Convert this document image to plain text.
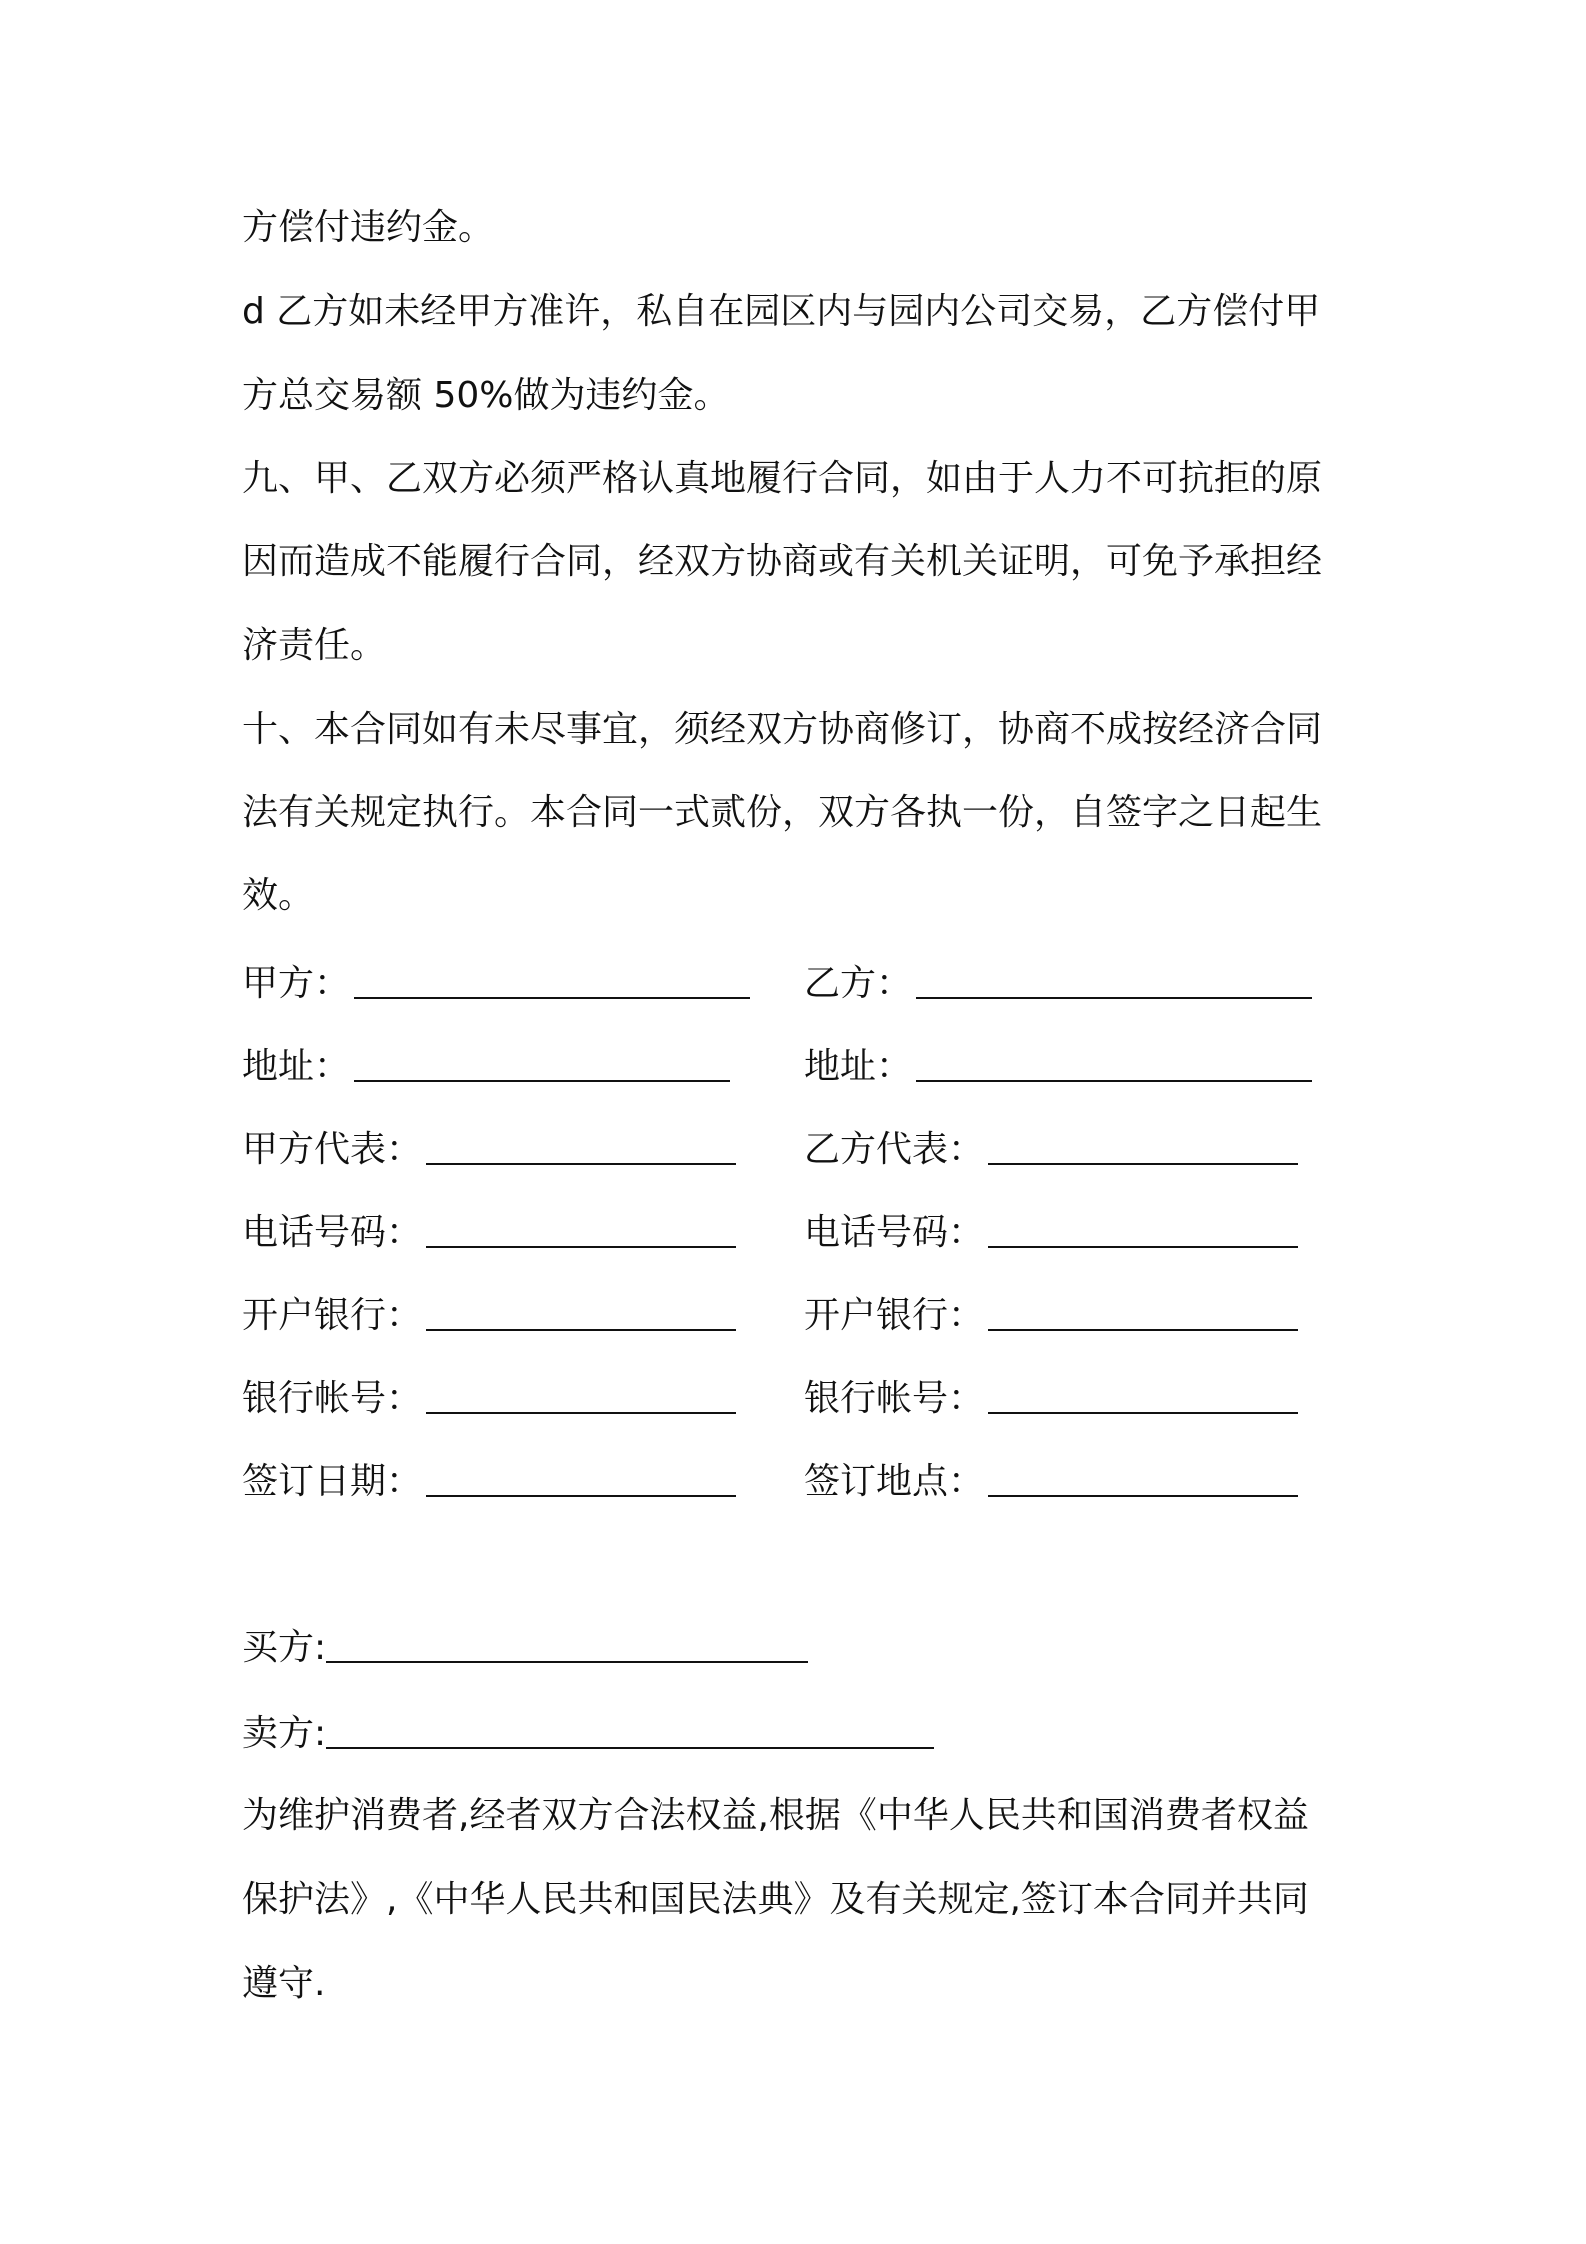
方偿付违约金。
d 乙方如未经甲方准许，私自在园区内与园内公司交易，乙方偿付甲
方总交易额 50%做为违约金。
九、甲、乙双方必须严格认真地履行合同，如由于人力不可抗拒的原
因而造成不能履行合同，经双方协商或有关机关证明，可免予承担经
济责任。
十、本合同如有未尽事宜，须经双方协商修订，协商不成按经济合同
法有关规定执行。本合同一式贰份，双方各执一份，自签字之日起生
效。
甲方：
地址：
甲方代表：
电话号码：
开户银行：
银行帐号：
签订日期：
乙方：
地址：
乙方代表：
电话号码：
开户银行：
银行帐号：
签订地点：
买方:
卖方:
为维护消费者,经者双方合法权益,根据《中华人民共和国消费者权益
保护法》,《中华人民共和国民法典》及有关规定,签订本合同并共同
遵守.
